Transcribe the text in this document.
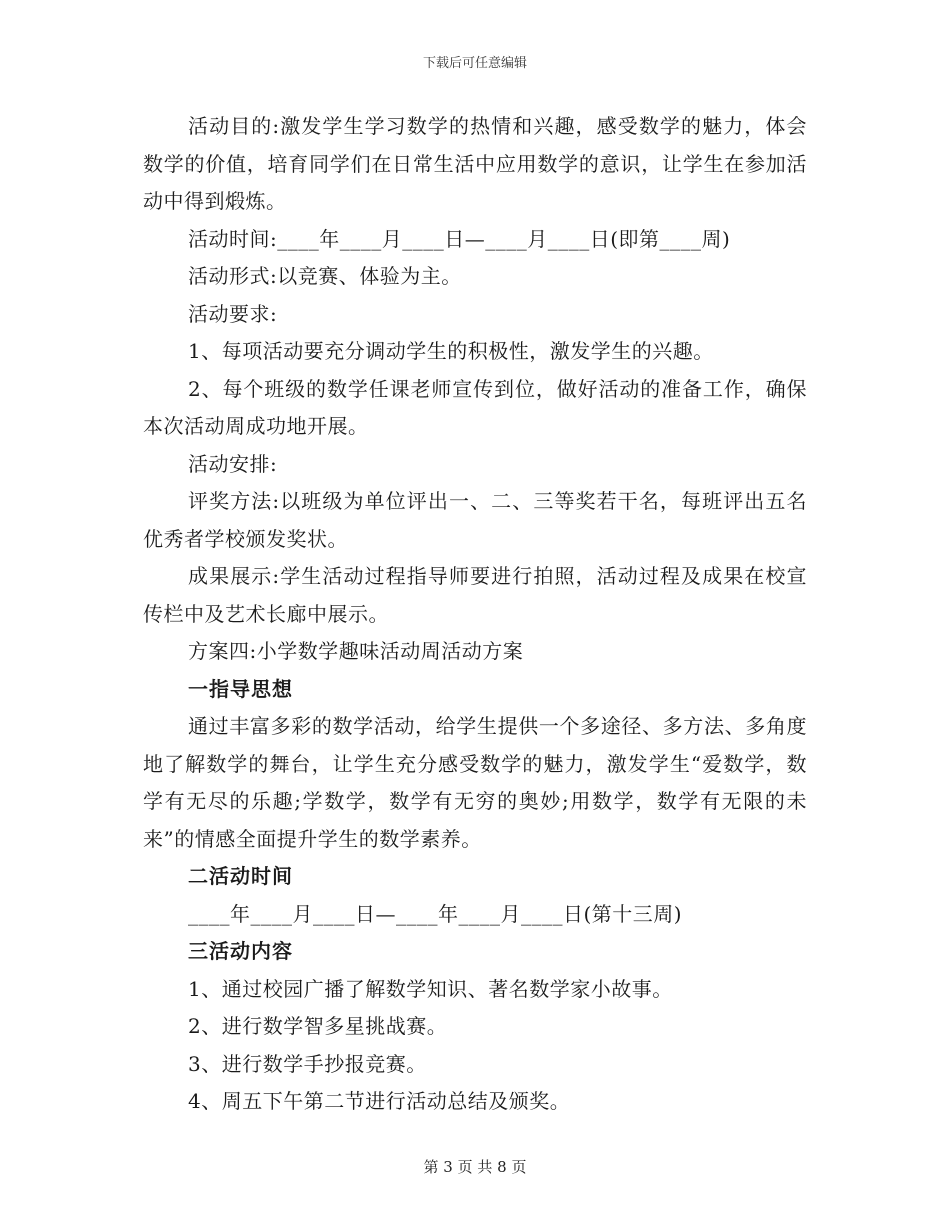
下载后可任意编辑

活动目的:激发学生学习数学的热情和兴趣，感受数学的魅力，体会数学的价值，培育同学们在日常生活中应用数学的意识，让学生在参加活动中得到煅炼。

活动时间:____年____月____日—____月____日(即第____周)

活动形式:以竞赛、体验为主。

活动要求:

1、每项活动要充分调动学生的积极性，激发学生的兴趣。

2、每个班级的数学任课老师宣传到位，做好活动的准备工作，确保本次活动周成功地开展。

活动安排:

评奖方法:以班级为单位评出一、二、三等奖若干名，每班评出五名优秀者学校颁发奖状。

成果展示:学生活动过程指导师要进行拍照，活动过程及成果在校宣传栏中及艺术长廊中展示。

方案四:小学数学趣味活动周活动方案

一指导思想

通过丰富多彩的数学活动，给学生提供一个多途径、多方法、多角度地了解数学的舞台，让学生充分感受数学的魅力，激发学生“爱数学，数学有无尽的乐趣;学数学，数学有无穷的奥妙;用数学，数学有无限的未来”的情感全面提升学生的数学素养。

二活动时间

____年____月____日—____年____月____日(第十三周)

三活动内容

1、通过校园广播了解数学知识、著名数学家小故事。

2、进行数学智多星挑战赛。

3、进行数学手抄报竞赛。

4、周五下午第二节进行活动总结及颁奖。

第 3 页 共 8 页
